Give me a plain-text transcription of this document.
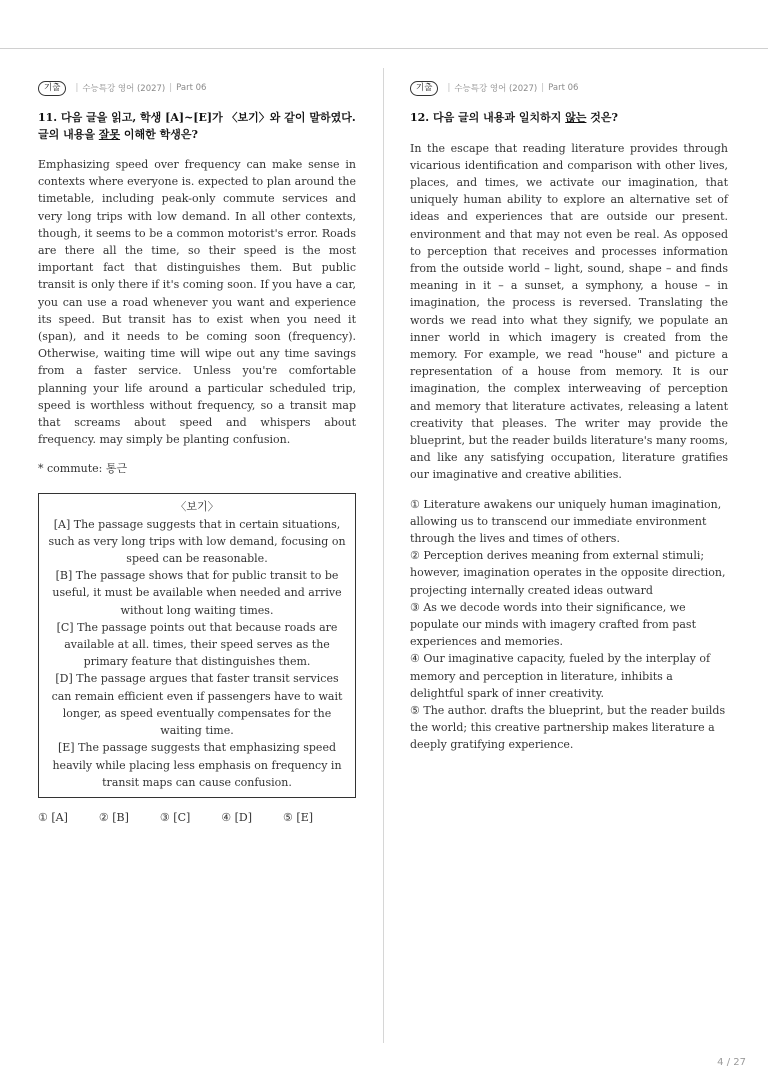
기출	| 수능특강 영어 (2027) | Part 06

11. 다음 글을 읽고, 학생 [A]~[E]가 〈보기〉와 같이 말하였다. 글의 내용을 잘못 이해한 학생은?

Emphasizing speed over frequency can make sense in contexts where everyone is. expected to plan around the timetable, including peak-only commute services and very long trips with low demand. In all other contexts, though, it seems to be a common motorist's error. Roads are there all the time, so their speed is the most important fact that distinguishes them. But public transit is only there if it's coming soon. If you have a car, you can use a road whenever you want and experience its speed. But transit has to exist when you need it (span), and it needs to be coming soon (frequency). Otherwise, waiting time will wipe out any time savings from a faster service. Unless you're comfortable planning your life around a particular scheduled trip, speed is worthless without frequency, so a transit map that screams about speed and whispers about frequency. may simply be planting confusion.

* commute: 통근
〈보기〉

[A] The passage suggests that in certain situations, such as very long trips with low demand, focusing on speed can be reasonable.

[B] The passage shows that for public transit to be useful, it must be available when needed and arrive without long waiting times.

[C] The passage points out that because roads are available at all. times, their speed serves as the primary feature that distinguishes them.

[D] The passage argues that faster transit services can remain efficient even if passengers have to wait longer, as speed eventually compensates for the waiting time.

[E] The passage suggests that emphasizing speed heavily while placing less emphasis on frequency in transit maps can cause confusion.

① [A]	② [B]	③ [C]	④ [D]	⑤ [E]
기출	| 수능특강 영어 (2027) | Part 06

12. 다음 글의 내용과 일치하지 않는 것은?

In the escape that reading literature provides through vicarious identification and comparison with other lives, places, and times, we activate our imagination, that uniquely human ability to explore an alternative set of ideas and experiences that are outside our present. environment and that may not even be real. As opposed to perception that receives and processes information from the outside world – light, sound, shape – and finds meaning in it – a sunset, a symphony, a house – in imagination, the process is reversed. Translating the words we read into what they signify, we populate an inner world in which imagery is created from the memory. For example, we read "house" and picture a representation of a house from memory. It is our imagination, the complex interweaving of perception and memory that literature activates, releasing a latent creativity that pleases. The writer may provide the blueprint, but the reader builds literature's many rooms, and like any satisfying occupation, literature gratifies our imaginative and creative abilities.

① Literature awakens our uniquely human imagination, allowing us to transcend our immediate environment through the lives and times of others.

② Perception derives meaning from external stimuli; however, imagination operates in the opposite direction, projecting internally created ideas outward

③ As we decode words into their significance, we populate our minds with imagery crafted from past experiences and memories.

④ Our imaginative capacity, fueled by the interplay of memory and perception in literature, inhibits a delightful spark of inner creativity.

⑤ The author. drafts the blueprint, but the reader builds the world; this creative partnership makes literature a deeply gratifying experience.

4 / 27
